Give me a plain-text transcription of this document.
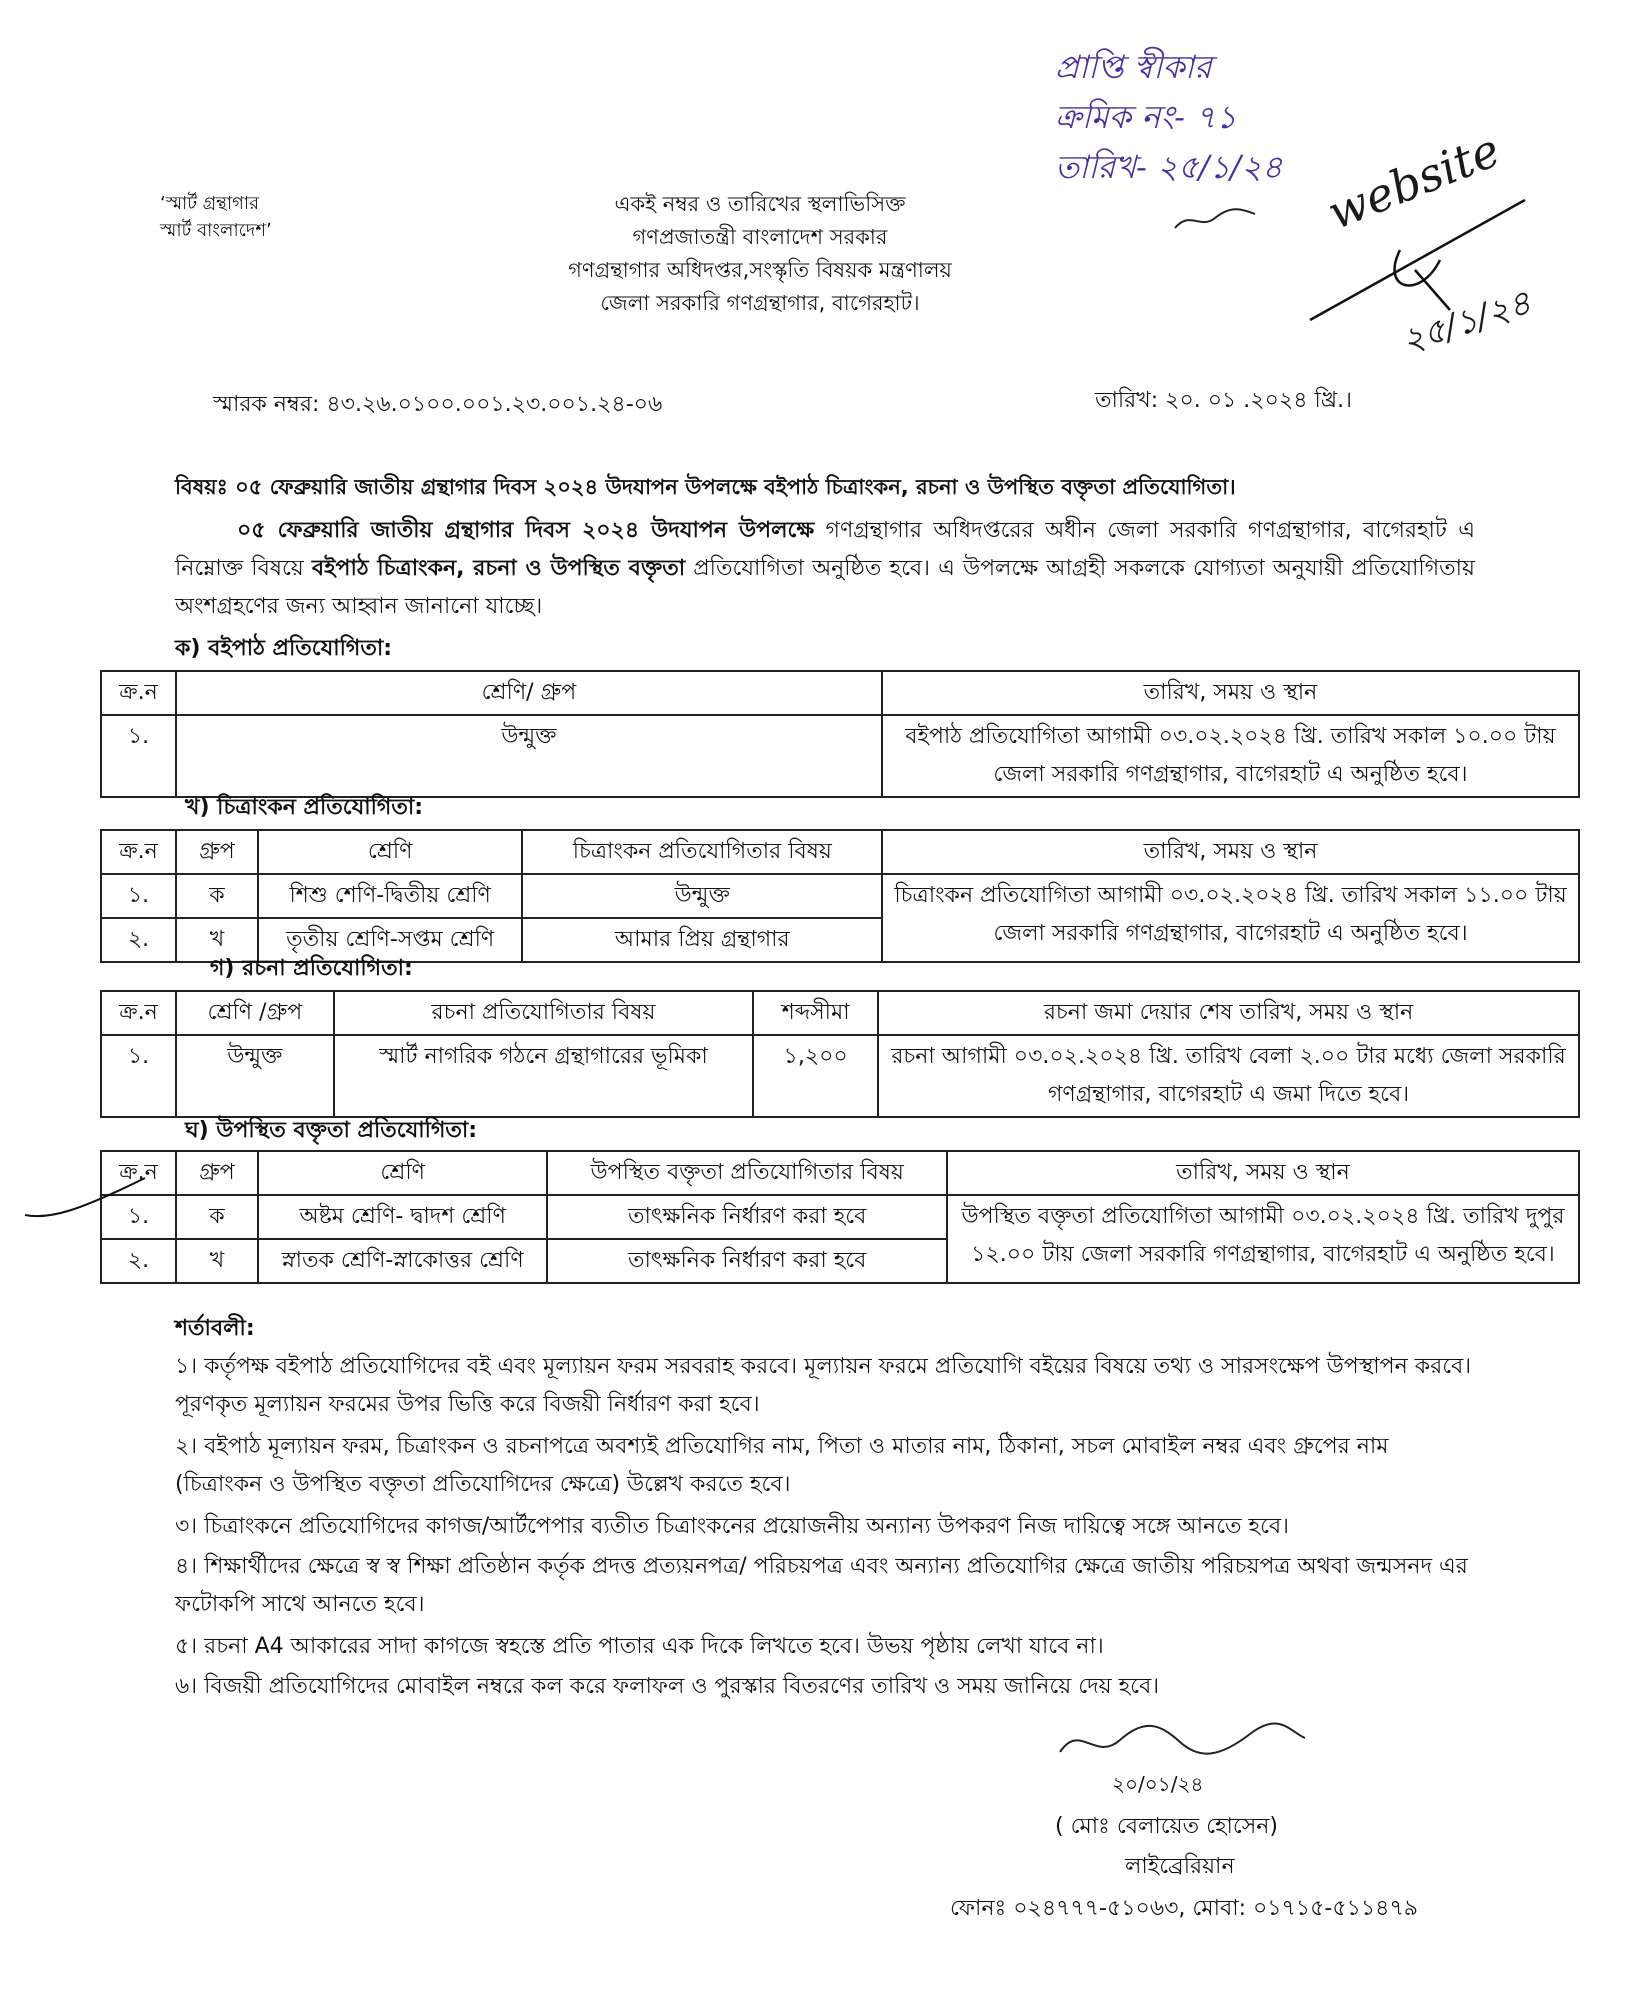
প্রাপ্তি স্বীকার
ক্রমিক নং- ৭১
তারিখ- ২৫/১/২৪ website
২৫/১/২৪
‘স্মার্ট গ্রন্থাগার
স্মার্ট বাংলাদেশ’
একই নম্বর ও তারিখের স্থলাভিসিক্ত
গণপ্রজাতন্ত্রী বাংলাদেশ সরকার
গণগ্রন্থাগার অধিদপ্তর,সংস্কৃতি বিষয়ক মন্ত্রণালয়
জেলা সরকারি গণগ্রন্থাগার, বাগেরহাট।
স্মারক নম্বর: ৪৩.২৬.০১০০.০০১.২৩.০০১.২৪-০৬	তারিখ: ২০. ০১ .২০২৪ খ্রি.।
বিষয়ঃ ০৫ ফেব্রুয়ারি জাতীয় গ্রন্থাগার দিবস ২০২৪ উদযাপন উপলক্ষে বইপাঠ চিত্রাংকন, রচনা ও উপস্থিত বক্তৃতা প্রতিযোগিতা।
০৫ ফেব্রুয়ারি জাতীয় গ্রন্থাগার দিবস ২০২৪ উদযাপন উপলক্ষে গণগ্রন্থাগার অধিদপ্তরের অধীন জেলা সরকারি গণগ্রন্থাগার, বাগেরহাট এ নিম্নোক্ত বিষয়ে বইপাঠ চিত্রাংকন, রচনা ও উপস্থিত বক্তৃতা প্রতিযোগিতা অনুষ্ঠিত হবে। এ উপলক্ষে আগ্রহী সকলকে যোগ্যতা অনুযায়ী প্রতিযোগিতায় অংশগ্রহণের জন্য আহ্বান জানানো যাচ্ছে।
ক) বইপাঠ প্রতিযোগিতা:
ক্র.ন	শ্রেণি/ গ্রুপ	তারিখ, সময় ও স্থান
১.	উন্মুক্ত	বইপাঠ প্রতিযোগিতা আগামী ০৩.০২.২০২৪ খ্রি. তারিখ সকাল ১০.০০ টায় জেলা সরকারি গণগ্রন্থাগার, বাগেরহাট এ অনুষ্ঠিত হবে।
খ) চিত্রাংকন প্রতিযোগিতা:
ক্র.ন	গ্রুপ	শ্রেণি	চিত্রাংকন প্রতিযোগিতার বিষয়	তারিখ, সময় ও স্থান
১.	ক	শিশু শেণি-দ্বিতীয় শ্রেণি	উন্মুক্ত	চিত্রাংকন প্রতিযোগিতা আগামী ০৩.০২.২০২৪ খ্রি. তারিখ সকাল ১১.০০ টায় জেলা সরকারি গণগ্রন্থাগার, বাগেরহাট এ অনুষ্ঠিত হবে।
২.	খ	তৃতীয় শ্রেণি-সপ্তম শ্রেণি	আমার প্রিয় গ্রন্থাগার	
গ) রচনা প্রতিযোগিতা:
ক্র.ন	শ্রেণি /গ্রুপ	রচনা প্রতিযোগিতার বিষয়	শব্দসীমা	রচনা জমা দেয়ার শেষ তারিখ, সময় ও স্থান
১.	উন্মুক্ত	স্মার্ট নাগরিক গঠনে গ্রন্থাগারের ভূমিকা	১,২০০	রচনা আগামী ০৩.০২.২০২৪ খ্রি. তারিখ বেলা ২.০০ টার মধ্যে জেলা সরকারি গণগ্রন্থাগার, বাগেরহাট এ জমা দিতে হবে।
ঘ) উপস্থিত বক্তৃতা প্রতিযোগিতা:
ক্র.ন	গ্রুপ	শ্রেণি	উপস্থিত বক্তৃতা প্রতিযোগিতার বিষয়	তারিখ, সময় ও স্থান
১.	ক	অষ্টম শ্রেণি- দ্বাদশ শ্রেণি	তাৎক্ষনিক নির্ধারণ করা হবে	উপস্থিত বক্তৃতা প্রতিযোগিতা আগামী ০৩.০২.২০২৪ খ্রি. তারিখ দুপুর ১২.০০ টায় জেলা সরকারি গণগ্রন্থাগার, বাগেরহাট এ অনুষ্ঠিত হবে।
২.	খ	স্নাতক শ্রেণি-স্নাকোত্তর শ্রেণি	তাৎক্ষনিক নির্ধারণ করা হবে	
শর্তাবলী:
১। কর্তৃপক্ষ বইপাঠ প্রতিযোগিদের বই এবং মূল্যায়ন ফরম সরবরাহ করবে। মূল্যায়ন ফরমে প্রতিযোগি বইয়ের বিষয়ে তথ্য ও সারসংক্ষেপ উপস্থাপন করবে। পূরণকৃত মূল্যায়ন ফরমের উপর ভিত্তি করে বিজয়ী নির্ধারণ করা হবে।
২। বইপাঠ মূল্যায়ন ফরম, চিত্রাংকন ও রচনাপত্রে অবশ্যই প্রতিযোগির নাম, পিতা ও মাতার নাম, ঠিকানা, সচল মোবাইল নম্বর এবং গ্রুপের নাম (চিত্রাংকন ও উপস্থিত বক্তৃতা প্রতিযোগিদের ক্ষেত্রে) উল্লেখ করতে হবে।
৩। চিত্রাংকনে প্রতিযোগিদের কাগজ/আর্টপেপার ব্যতীত চিত্রাংকনের প্রয়োজনীয় অন্যান্য উপকরণ নিজ দায়িত্বে সঙ্গে আনতে হবে।
৪। শিক্ষার্থীদের ক্ষেত্রে স্ব স্ব শিক্ষা প্রতিষ্ঠান কর্তৃক প্রদত্ত প্রত্যয়নপত্র/ পরিচয়পত্র এবং অন্যান্য প্রতিযোগির ক্ষেত্রে জাতীয় পরিচয়পত্র অথবা জন্মসনদ এর ফটোকপি সাথে আনতে হবে।
৫। রচনা A4 আকারের সাদা কাগজে স্বহস্তে প্রতি পাতার এক দিকে লিখতে হবে। উভয় পৃষ্ঠায় লেখা যাবে না।
৬। বিজয়ী প্রতিযোগিদের মোবাইল নম্বরে কল করে ফলাফল ও পুরস্কার বিতরণের তারিখ ও সময় জানিয়ে দেয় হবে।
২০/০১/২৪
( মোঃ বেলায়েত হোসেন)
লাইব্রেরিয়ান
ফোনঃ ০২৪৭৭৭-৫১০৬৩, মোবা: ০১৭১৫-৫১১৪৭৯
